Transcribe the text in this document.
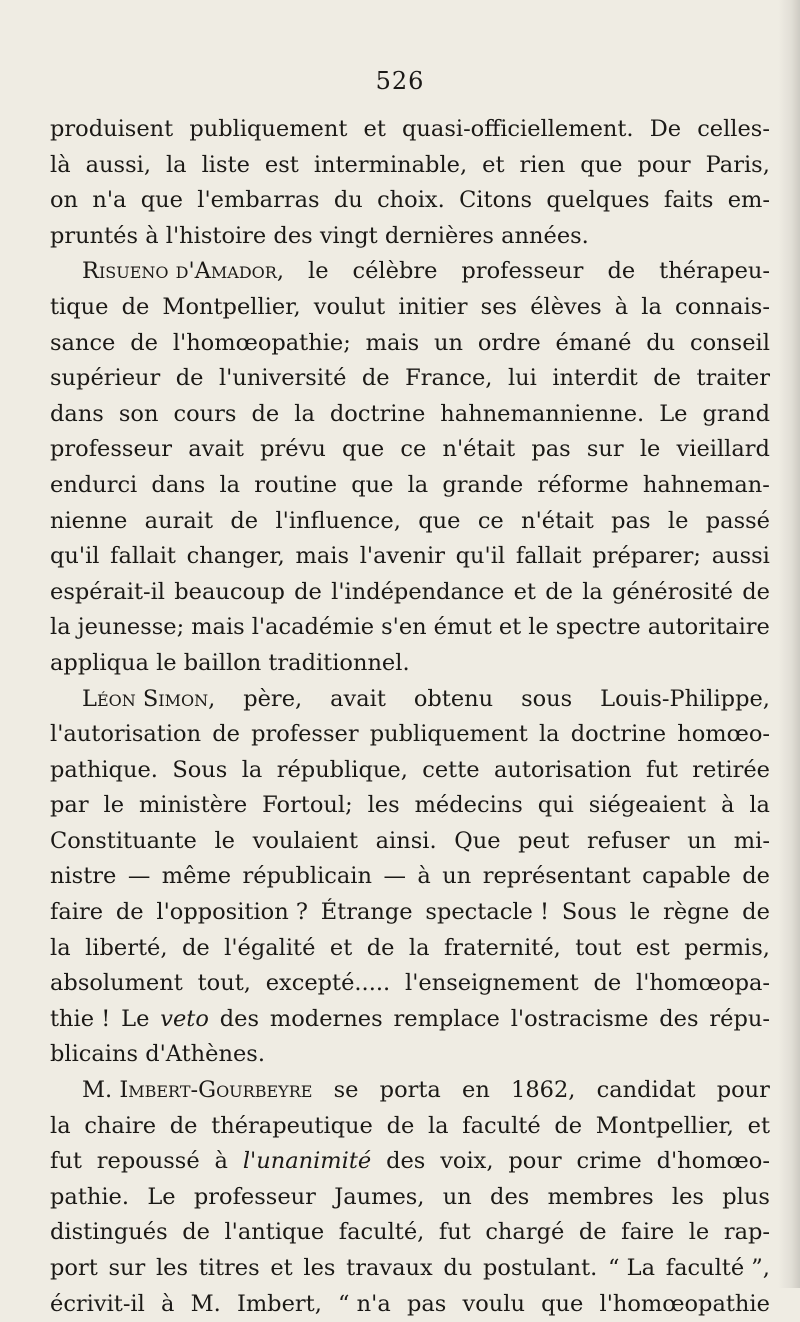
526
produisent publiquement et quasi-officiellement. De celles-
là aussi, la liste est interminable, et rien que pour Paris,
on n'a que l'embarras du choix. Citons quelques faits em-
pruntés à l'histoire des vingt dernières années.
Risueno d'Amador, le célèbre professeur de thérapeu-
tique de Montpellier, voulut initier ses élèves à la connais-
sance de l'homœopathie; mais un ordre émané du conseil
supérieur de l'université de France, lui interdit de traiter
dans son cours de la doctrine hahnemannienne. Le grand
professeur avait prévu que ce n'était pas sur le vieillard
endurci dans la routine que la grande réforme hahneman-
nienne aurait de l'influence, que ce n'était pas le passé
qu'il fallait changer, mais l'avenir qu'il fallait préparer; aussi
espérait-il beaucoup de l'indépendance et de la générosité de
la jeunesse; mais l'académie s'en émut et le spectre autoritaire
appliqua le baillon traditionnel.
Léon Simon, père, avait obtenu sous Louis-Philippe,
l'autorisation de professer publiquement la doctrine homœo-
pathique. Sous la république, cette autorisation fut retirée
par le ministère Fortoul; les médecins qui siégeaient à la
Constituante le voulaient ainsi. Que peut refuser un mi-
nistre — même républicain — à un représentant capable de
faire de l'opposition ? Étrange spectacle ! Sous le règne de
la liberté, de l'égalité et de la fraternité, tout est permis,
absolument tout, excepté..... l'enseignement de l'homœopa-
thie ! Le veto des modernes remplace l'ostracisme des répu-
blicains d'Athènes.
M. Imbert-Gourbeyre se porta en 1862, candidat pour
la chaire de thérapeutique de la faculté de Montpellier, et
fut repoussé à l'unanimité des voix, pour crime d'homœo-
pathie. Le professeur Jaumes, un des membres les plus
distingués de l'antique faculté, fut chargé de faire le rap-
port sur les titres et les travaux du postulant. “ La faculté ”,
écrivit-il à M. Imbert, “ n'a pas voulu que l'homœopathie
